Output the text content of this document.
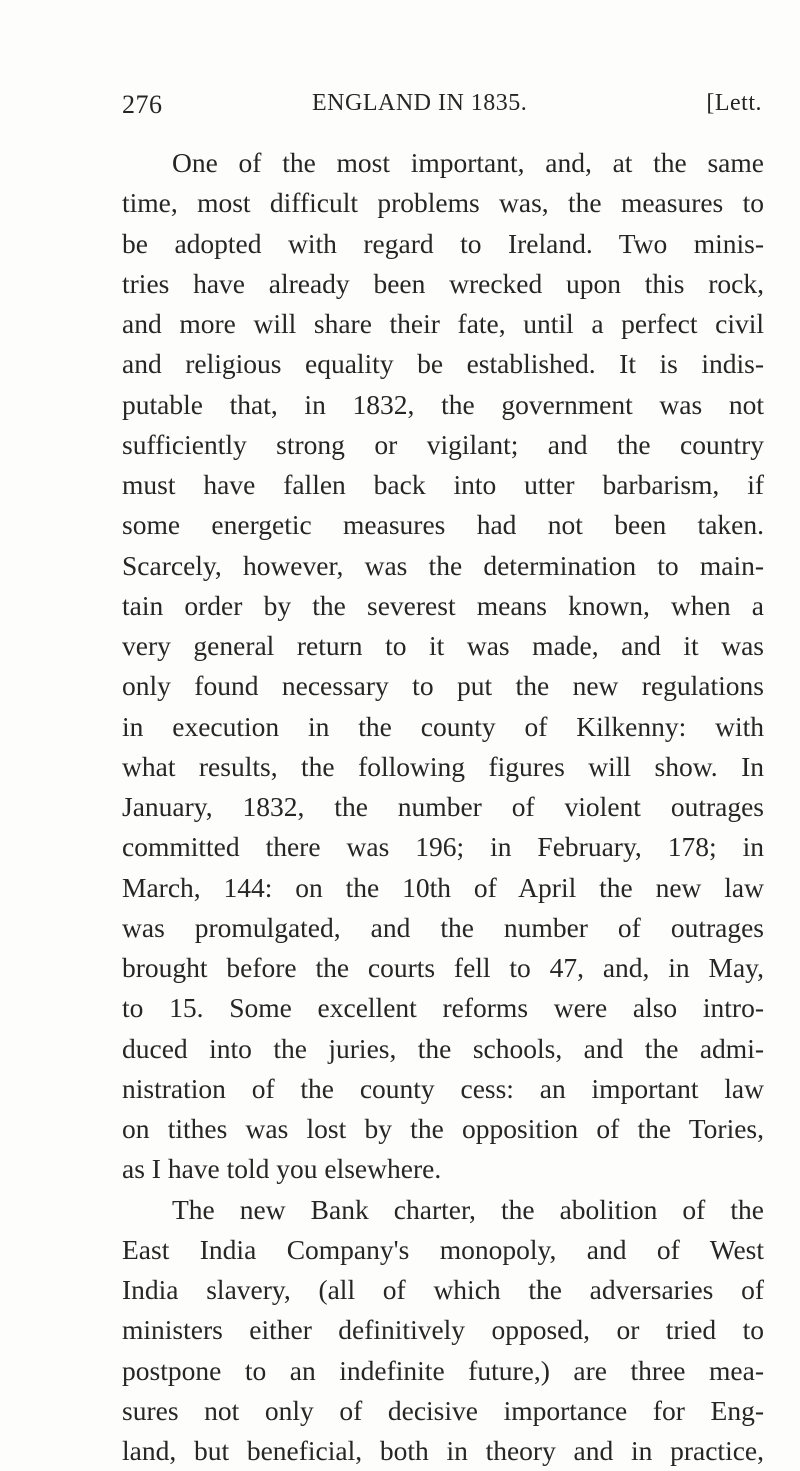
276	ENGLAND IN 1835.	[Lett.
One of the most important, and, at the same
time, most difficult problems was, the measures to
be adopted with regard to Ireland. Two minis-
tries have already been wrecked upon this rock,
and more will share their fate, until a perfect civil
and religious equality be established. It is indis-
putable that, in 1832, the government was not
sufficiently strong or vigilant; and the country
must have fallen back into utter barbarism, if
some energetic measures had not been taken.
Scarcely, however, was the determination to main-
tain order by the severest means known, when a
very general return to it was made, and it was
only found necessary to put the new regulations
in execution in the county of Kilkenny: with
what results, the following figures will show. In
January, 1832, the number of violent outrages
committed there was 196; in February, 178; in
March, 144: on the 10th of April the new law
was promulgated, and the number of outrages
brought before the courts fell to 47, and, in May,
to 15. Some excellent reforms were also intro-
duced into the juries, the schools, and the admi-
nistration of the county cess: an important law
on tithes was lost by the opposition of the Tories,
as I have told you elsewhere.
The new Bank charter, the abolition of the
East India Company's monopoly, and of West
India slavery, (all of which the adversaries of
ministers either definitively opposed, or tried to
postpone to an indefinite future,) are three mea-
sures not only of decisive importance for Eng-
land, but beneficial, both in theory and in practice,
